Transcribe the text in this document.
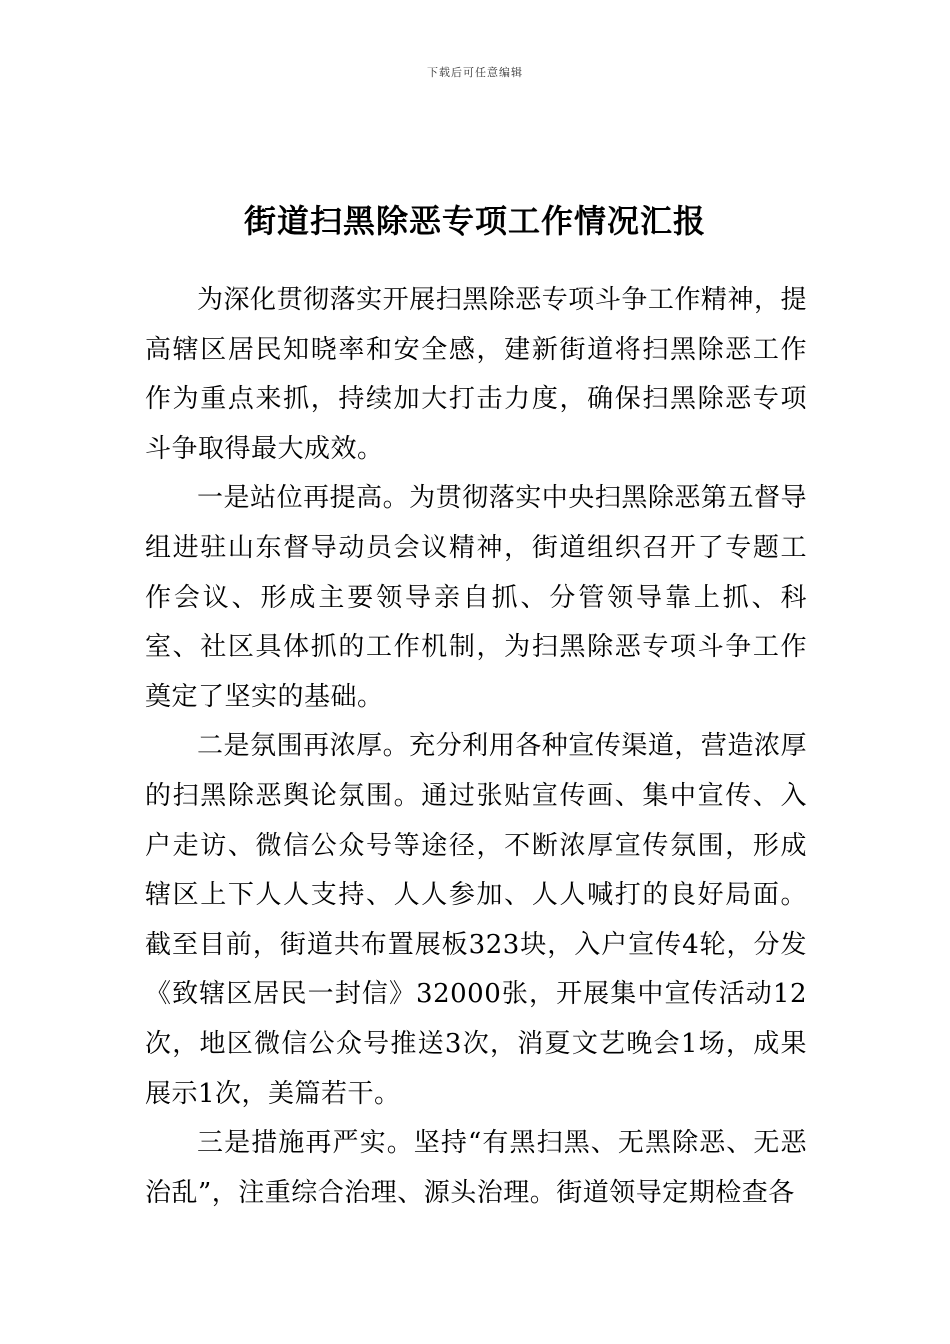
下载后可任意编辑
街道扫黑除恶专项工作情况汇报

为深化贯彻落实开展扫黑除恶专项斗争工作精神，提高辖区居民知晓率和安全感，建新街道将扫黑除恶工作作为重点来抓，持续加大打击力度，确保扫黑除恶专项斗争取得最大成效。

一是站位再提高。为贯彻落实中央扫黑除恶第五督导组进驻山东督导动员会议精神，街道组织召开了专题工作会议、形成主要领导亲自抓、分管领导靠上抓、科室、社区具体抓的工作机制，为扫黑除恶专项斗争工作奠定了坚实的基础。

二是氛围再浓厚。充分利用各种宣传渠道，营造浓厚的扫黑除恶舆论氛围。通过张贴宣传画、集中宣传、入户走访、微信公众号等途径，不断浓厚宣传氛围，形成辖区上下人人支持、人人参加、人人喊打的良好局面。截至目前，街道共布置展板323块，入户宣传4轮，分发《致辖区居民一封信》32000张，开展集中宣传活动12次，地区微信公众号推送3次，消夏文艺晚会1场，成果展示1次，美篇若干。

三是措施再严实。坚持“有黑扫黑、无黑除恶、无恶治乱”，注重综合治理、源头治理。街道领导定期检查各
